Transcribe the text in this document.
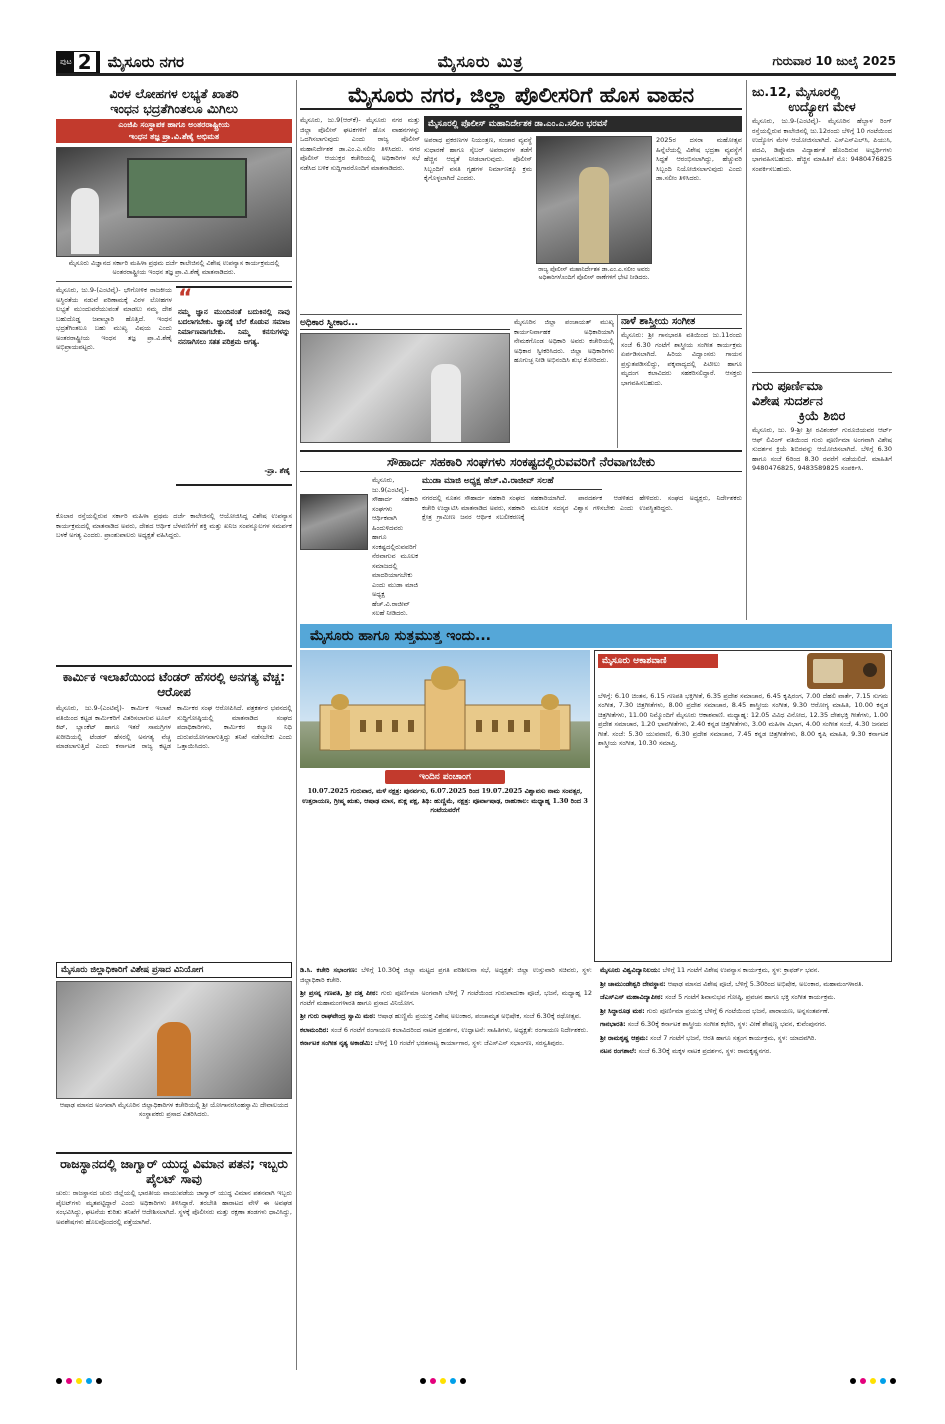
ಪುಟ 2 ಮೈಸೂರು ನಗರ	ಮೈಸೂರು ಮಿತ್ರ	ಗುರುವಾರ 10 ಜುಲೈ 2025
ವಿರಳ ಲೋಹಗಳ ಲಭ್ಯತೆ ಖಾತರಿ
ಇಂಧನ ಭದ್ರತೆಗಿಂತಲೂ ಮಿಗಿಲು
ಎಂಜಿಪಿ ಸಂಸ್ಥಾಪಕ ಹಾಗೂ ಅಂತರರಾಷ್ಟ್ರೀಯ
ಇಂಧನ ತಜ್ಞ ಪ್ರಾ.ವಿ.ಶೆಣೈ ಅಭಿಮತ
ಮೈಸೂರು ವಿಜ್ಞಾನದ ಸರ್ಕಾರಿ ಮಹಿಳಾ ಪ್ರಥಮ ದರ್ಜೆ ಕಾಲೇಜಿನಲ್ಲಿ ವಿಶೇಷ ಉಪನ್ಯಾಸ ಕಾರ್ಯಕ್ರಮದಲ್ಲಿ ಅಂತರರಾಷ್ಟ್ರೀಯ ಇಂಧನ ತಜ್ಞ ಪ್ರಾ.ವಿ.ಶೆಣೈ ಮಾತನಾಡಿದರು.
ಮೈಸೂರು, ಜು.9-(ಎಂಟಿವೈ)- ಭೌಗೋಳಿಕ ರಾಜಕೀಯ ಅಸ್ಥಿರತೆಯ ನಡುವೆ ಪರಿಣಾಮಕ್ಕೆ ವಿರಳ ಲೋಹಗಳ ಲಭ್ಯತೆ ಮುಂದುವರೆಯುವಂತೆ ಮಾಡಲು ನಮ್ಮ ದೇಶ ಬಹುದೊಡ್ಡ ಜವಾಬ್ದಾರಿ ಹೊತ್ತಿದೆ. ಇಂಧನ ಭದ್ರತೆಗಿಂತಲೂ ಬಹು ಮುಖ್ಯ ವಿಷಯ ಎಂದು ಅಂತರರಾಷ್ಟ್ರೀಯ ಇಂಧನ ತಜ್ಞ ಪ್ರಾ.ವಿ.ಶೆಣೈ ಅಭಿಪ್ರಾಯಪಟ್ಟರು.
“
ನಮ್ಮ ಜ್ಞಾನ ಮುಂದಿನಂತೆ ಬದುಕಿನಲ್ಲಿ ನಾವು ಬದಲಾಗಬೇಕು. ಜ್ಞಾನಕ್ಕೆ ಬೆಲೆ ಕೊಡುವ ಸಮಾಜ ನಿರ್ಮಾಣವಾಗಬೇಕು. ನಿಮ್ಮ ಕನಸುಗಳನ್ನು ನನಸಾಗಿಸಲು ಸತತ ಪರಿಶ್ರಮ ಅಗತ್ಯ.
-ಪ್ರಾ. ಶೆಣೈ
ಕೊಲಾರ ರಸ್ತೆಯಲ್ಲಿರುವ ಸರ್ಕಾರಿ ಮಹಿಳಾ ಪ್ರಥಮ ದರ್ಜೆ ಕಾಲೇಜಿನಲ್ಲಿ ಆಯೋಜಿಸಿದ್ದ ವಿಶೇಷ ಉಪನ್ಯಾಸ ಕಾರ್ಯಕ್ರಮದಲ್ಲಿ ಮಾತನಾಡಿದ ಅವರು, ದೇಶದ ಆರ್ಥಿಕ ಬೆಳವಣಿಗೆಗೆ ಶಕ್ತಿ ಮತ್ತು ಖನಿಜ ಸಂಪನ್ಮೂಲಗಳ ಸಮರ್ಪಕ ಬಳಕೆ ಅಗತ್ಯ ಎಂದರು. ಪ್ರಾಂಶುಪಾಲರು ಅಧ್ಯಕ್ಷತೆ ವಹಿಸಿದ್ದರು.
ಕಾರ್ಮಿಕ ಇಲಾಖೆಯಿಂದ ಟೆಂಡರ್ ಹೆಸರಲ್ಲಿ ಅನಗತ್ಯ ವೆಚ್ಚ: ಆರೋಪ
ಮೈಸೂರು, ಜು.9-(ಎಂಟಿವೈ)- ಕಾರ್ಮಿಕ ಇಲಾಖೆ ವತಿಯಿಂದ ಕಟ್ಟಡ ಕಾರ್ಮಿಕರಿಗೆ ವಿತರಿಸಲಾಗುವ ಟೂಲ್ ಕಿಟ್, ಬ್ಲಾಂಕೆಟ್ ಹಾಗೂ ಇತರೆ ಸಾಮಗ್ರಿಗಳ ಖರೀದಿಯಲ್ಲಿ ಟೆಂಡರ್ ಹೆಸರಲ್ಲಿ ಅನಗತ್ಯ ವೆಚ್ಚ ಮಾಡಲಾಗುತ್ತಿದೆ ಎಂದು ಕರ್ನಾಟಕ ರಾಜ್ಯ ಕಟ್ಟಡ ಕಾರ್ಮಿಕರ ಸಂಘ ಆರೋಪಿಸಿದೆ. ಪತ್ರಕರ್ತರ ಭವನದಲ್ಲಿ ಸುದ್ದಿಗೋಷ್ಠಿಯಲ್ಲಿ ಮಾತನಾಡಿದ ಸಂಘದ ಪದಾಧಿಕಾರಿಗಳು, ಕಾರ್ಮಿಕರ ಕಲ್ಯಾಣ ನಿಧಿ ದುರುಪಯೋಗವಾಗುತ್ತಿದ್ದು ತನಿಖೆ ನಡೆಸಬೇಕು ಎಂದು ಒತ್ತಾಯಿಸಿದರು.
ಮೈಸೂರು ಜಿಲ್ಲಾಧಿಕಾರಿಗೆ ವಿಶೇಷ ಪ್ರಸಾದ ವಿನಿಯೋಗ
ಆಷಾಢ ಮಾಸದ ಅಂಗವಾಗಿ ಮೈಸೂರಿನ ಜಿಲ್ಲಾಧಿಕಾರಿಗಳ ಕಚೇರಿಯಲ್ಲಿ ಶ್ರೀ ಯೋಗಾನರಸಿಂಹಸ್ವಾಮಿ ದೇವಾಲಯದ ಸಂಸ್ಥಾಪಕರು ಪ್ರಸಾದ ವಿತರಿಸಿದರು.
ರಾಜಸ್ಥಾನದಲ್ಲಿ ಜಾಗ್ವಾರ್ ಯುದ್ಧ ವಿಮಾನ ಪತನ; ಇಬ್ಬರು ಪೈಲಟ್ ಸಾವು
ಚುರು: ರಾಜಸ್ಥಾನದ ಚುರು ಜಿಲ್ಲೆಯಲ್ಲಿ ಭಾರತೀಯ ವಾಯುಪಡೆಯ ಜಾಗ್ವಾರ್ ಯುದ್ಧ ವಿಮಾನ ಪತನವಾಗಿ ಇಬ್ಬರು ಪೈಲಟ್‌ಗಳು ಮೃತಪಟ್ಟಿದ್ದಾರೆ ಎಂದು ಅಧಿಕಾರಿಗಳು ತಿಳಿಸಿದ್ದಾರೆ. ತರಬೇತಿ ಹಾರಾಟದ ವೇಳೆ ಈ ಅವಘಡ ಸಂಭವಿಸಿದ್ದು, ಘಟನೆಯ ಕುರಿತು ತನಿಖೆಗೆ ಆದೇಶಿಸಲಾಗಿದೆ. ಸ್ಥಳಕ್ಕೆ ಪೊಲೀಸರು ಮತ್ತು ರಕ್ಷಣಾ ತಂಡಗಳು ಧಾವಿಸಿದ್ದು, ಅವಶೇಷಗಳು ಹೊಲವೊಂದರಲ್ಲಿ ಪತ್ತೆಯಾಗಿವೆ.
ಮೈಸೂರು ನಗರ, ಜಿಲ್ಲಾ ಪೊಲೀಸರಿಗೆ ಹೊಸ ವಾಹನ
ಮೈಸೂರು, ಜು.9(ಆರ್‌ಕೆ)- ಮೈಸೂರು ನಗರ ಮತ್ತು ಜಿಲ್ಲಾ ಪೊಲೀಸ್ ಘಟಕಗಳಿಗೆ ಹೊಸ ವಾಹನಗಳನ್ನು ಒದಗಿಸಲಾಗುವುದು ಎಂದು ರಾಜ್ಯ ಪೊಲೀಸ್ ಮಹಾನಿರ್ದೇಶಕ ಡಾ.ಎಂ.ಎ.ಸಲೀಂ ತಿಳಿಸಿದರು. ನಗರ ಪೊಲೀಸ್ ಆಯುಕ್ತರ ಕಚೇರಿಯಲ್ಲಿ ಅಧಿಕಾರಿಗಳ ಸಭೆ ನಡೆಸಿದ ಬಳಿಕ ಸುದ್ದಿಗಾರರೊಂದಿಗೆ ಮಾತನಾಡಿದರು.
ಮೈಸೂರಲ್ಲಿ ಪೊಲೀಸ್ ಮಹಾನಿರ್ದೇಶಕ ಡಾ.ಎಂ.ಎ.ಸಲೀಂ ಭರವಸೆ
ಅಪರಾಧ ಪ್ರಕರಣಗಳ ನಿಯಂತ್ರಣ, ಸಂಚಾರ ವ್ಯವಸ್ಥೆ ಸುಧಾರಣೆ ಹಾಗೂ ಸೈಬರ್ ಅಪರಾಧಗಳ ತಡೆಗೆ ಹೆಚ್ಚಿನ ಆದ್ಯತೆ ನೀಡಲಾಗುವುದು. ಪೊಲೀಸ್ ಸಿಬ್ಬಂದಿಗೆ ವಸತಿ ಗೃಹಗಳ ನಿರ್ಮಾಣಕ್ಕೂ ಕ್ರಮ ಕೈಗೊಳ್ಳಲಾಗಿದೆ ಎಂದರು.
ರಾಜ್ಯ ಪೊಲೀಸ್ ಮಹಾನಿರ್ದೇಶಕ ಡಾ.ಎಂ.ಎ.ಸಲೀಂ ಅವರು ಅಧಿಕಾರಿಗಳೊಂದಿಗೆ ಪೊಲೀಸ್ ಠಾಣೆಗಳಿಗೆ ಭೇಟಿ ನೀಡಿದರು.
2025ರ ದಸರಾ ಮಹೋತ್ಸವ ಹಿನ್ನೆಲೆಯಲ್ಲಿ ವಿಶೇಷ ಭದ್ರತಾ ವ್ಯವಸ್ಥೆಗೆ ಸಿದ್ಧತೆ ಆರಂಭಿಸಲಾಗಿದ್ದು, ಹೆಚ್ಚುವರಿ ಸಿಬ್ಬಂದಿ ನಿಯೋಜಿಸಲಾಗುವುದು ಎಂದು ಡಾ.ಸಲೀಂ ತಿಳಿಸಿದರು.
ಜು.12, ಮೈಸೂರಲ್ಲಿ
ಉದ್ಯೋಗ ಮೇಳ
ಮೈಸೂರು, ಜು.9-(ಎಂಟಿವೈ)- ಮೈಸೂರಿನ ಹೆಬ್ಬಾಳ ರಿಂಗ್ ರಸ್ತೆಯಲ್ಲಿರುವ ಕಾಲೇಜಿನಲ್ಲಿ ಜು.12ರಂದು ಬೆಳಿಗ್ಗೆ 10 ಗಂಟೆಯಿಂದ ಉದ್ಯೋಗ ಮೇಳ ಆಯೋಜಿಸಲಾಗಿದೆ. ಎಸ್‌ಎಸ್‌ಎಲ್‌ಸಿ, ಪಿಯುಸಿ, ಪದವಿ, ಡಿಪ್ಲೊಮಾ ವಿದ್ಯಾರ್ಹತೆ ಹೊಂದಿರುವ ಅಭ್ಯರ್ಥಿಗಳು ಭಾಗವಹಿಸಬಹುದು. ಹೆಚ್ಚಿನ ಮಾಹಿತಿಗೆ ಮೊ: 9480476825 ಸಂಪರ್ಕಿಸಬಹುದು.
ಗುರು ಪೂರ್ಣಿಮಾ
ವಿಶೇಷ ಸುದರ್ಶನ
ಕ್ರಿಯೆ ಶಿಬಿರ
ಮೈಸೂರು, ಜು. 9-ಶ್ರೀ ಶ್ರೀ ರವಿಶಂಕರ್ ಗುರೂಜಿಯವರ ಆರ್ಟ್ ಆಫ್ ಲಿವಿಂಗ್ ವತಿಯಿಂದ ಗುರು ಪೂರ್ಣಿಮಾ ಅಂಗವಾಗಿ ವಿಶೇಷ ಸುದರ್ಶನ ಕ್ರಿಯೆ ಶಿಬಿರವನ್ನು ಆಯೋಜಿಸಲಾಗಿದೆ. ಬೆಳಿಗ್ಗೆ 6.30 ಹಾಗೂ ಸಂಜೆ 6ರಿಂದ 8.30 ರವರೆಗೆ ನಡೆಯಲಿದೆ. ಮಾಹಿತಿಗೆ 9480476825, 9483589825 ಸಂಪರ್ಕಿಸಿ.
ಅಧಿಕಾರ ಸ್ವೀಕಾರ...	ಮೈಸೂರಿನ ಜಿಲ್ಲಾ ಪಂಚಾಯತ್ ಮುಖ್ಯ ಕಾರ್ಯನಿರ್ವಾಹಕ ಅಧಿಕಾರಿಯಾಗಿ ನೇಮಕಗೊಂಡ ಅಧಿಕಾರಿ ಅವರು ಕಚೇರಿಯಲ್ಲಿ ಅಧಿಕಾರ ಸ್ವೀಕರಿಸಿದರು. ಜಿಲ್ಲಾ ಅಧಿಕಾರಿಗಳು ಹೂಗುಚ್ಛ ನೀಡಿ ಅಭಿನಂದಿಸಿ ಶುಭ ಕೋರಿದರು.
ನಾಳೆ ಶಾಸ್ತ್ರೀಯ ಸಂಗೀತ
ಮೈಸೂರು: ಶ್ರೀ ಗಾನಭಾರತಿ ವತಿಯಿಂದ ಜು.11ರಂದು ಸಂಜೆ 6.30 ಗಂಟೆಗೆ ಶಾಸ್ತ್ರೀಯ ಸಂಗೀತ ಕಾರ್ಯಕ್ರಮ ಏರ್ಪಡಿಸಲಾಗಿದೆ. ಹಿರಿಯ ವಿದ್ವಾಂಸರು ಗಾಯನ ಪ್ರಸ್ತುತಪಡಿಸಲಿದ್ದು, ಪಕ್ಕವಾದ್ಯದಲ್ಲಿ ಪಿಟೀಲು ಹಾಗೂ ಮೃದಂಗ ಕಲಾವಿದರು ಸಹಕರಿಸಲಿದ್ದಾರೆ. ಆಸಕ್ತರು ಭಾಗವಹಿಸಬಹುದು.
ಸೌಹಾರ್ದ ಸಹಕಾರಿ ಸಂಘಗಳು ಸಂಕಷ್ಟದಲ್ಲಿರುವವರಿಗೆ ನೆರವಾಗಬೇಕು
ಮೈಸೂರು, ಜು.9(ಎಂಟಿವೈ)- ಸೌಹಾರ್ದ ಸಹಕಾರಿ ಸಂಘಗಳು ಆರ್ಥಿಕವಾಗಿ ಹಿಂದುಳಿದವರು ಹಾಗೂ ಸಂಕಷ್ಟದಲ್ಲಿರುವವರಿಗೆ ನೆರವಾಗುವ ಮೂಲಕ ಸಮಾಜದಲ್ಲಿ ಮಾದರಿಯಾಗಬೇಕು ಎಂದು ಮುಡಾ ಮಾಜಿ ಅಧ್ಯಕ್ಷ ಹೆಚ್.ವಿ.ರಾಜೀವ್ ಸಲಹೆ ನೀಡಿದರು.
ಮುಡಾ ಮಾಜಿ ಅಧ್ಯಕ್ಷ ಹೆಚ್.ವಿ.ರಾಜೀವ್ ಸಲಹೆ
ನಗರದಲ್ಲಿ ನೂತನ ಸೌಹಾರ್ದ ಸಹಕಾರಿ ಸಂಘದ ಕಚೇರಿ ಉದ್ಘಾಟಿಸಿ ಮಾತನಾಡಿದ ಅವರು, ಸಹಕಾರಿ ಕ್ಷೇತ್ರ ಗ್ರಾಮೀಣ ಜನರ ಆರ್ಥಿಕ ಸಬಲೀಕರಣಕ್ಕೆ ಸಹಕಾರಿಯಾಗಿದೆ. ಪಾರದರ್ಶಕ ಆಡಳಿತದ ಮೂಲಕ ಸದಸ್ಯರ ವಿಶ್ವಾಸ ಗಳಿಸಬೇಕು ಎಂದು ಹೇಳಿದರು. ಸಂಘದ ಅಧ್ಯಕ್ಷರು, ನಿರ್ದೇಶಕರು ಉಪಸ್ಥಿತರಿದ್ದರು.
ಮೈಸೂರು ಹಾಗೂ ಸುತ್ತಮುತ್ತ ಇಂದು...
ಇಂದಿನ ಪಂಚಾಂಗ
10.07.2025 ಗುರುವಾರ, ಮಳೆ ನಕ್ಷತ್ರ: ಪುನರ್ವಸು, 6.07.2025 ರಿಂದ 19.07.2025 ವಿಶ್ವಾವಸು ನಾಮ ಸಂವತ್ಸರ, ಉತ್ತರಾಯಣ, ಗ್ರೀಷ್ಮ ಋತು, ಆಷಾಢ ಮಾಸ, ಶುಕ್ಲ ಪಕ್ಷ, ತಿಥಿ: ಹುಣ್ಣಿಮೆ, ನಕ್ಷತ್ರ: ಪೂರ್ವಾಷಾಢ, ರಾಹುಕಾಲ: ಮಧ್ಯಾಹ್ನ 1.30 ರಿಂದ 3 ಗಂಟೆಯವರೆಗೆ
ಮೈಸೂರು ಆಕಾಶವಾಣಿ
ಬೆಳಿಗ್ಗೆ: 6.10 ಚಿಂತನ, 6.15 ಗಣಪತಿ ಭಕ್ತಿಗೀತೆ, 6.35 ಪ್ರದೇಶ ಸಮಾಚಾರ, 6.45 ಕೃಷಿರಂಗ, 7.00 ದೆಹಲಿ ವಾರ್ತೆ, 7.15 ಸುಗಮ ಸಂಗೀತ, 7.30 ಚಿತ್ರಗೀತೆಗಳು, 8.00 ಪ್ರದೇಶ ಸಮಾಚಾರ, 8.45 ಶಾಸ್ತ್ರೀಯ ಸಂಗೀತ, 9.30 ಆರೋಗ್ಯ ಮಾಹಿತಿ, 10.00 ಕನ್ನಡ ಚಿತ್ರಗೀತೆಗಳು, 11.00 ನಿಮ್ಮೊಂದಿಗೆ ಮೈಸೂರು ಆಕಾಶವಾಣಿ. ಮಧ್ಯಾಹ್ನ: 12.05 ವಿವಿಧ ವಿನೋದ, 12.35 ದೇಶಭಕ್ತಿ ಗೀತೆಗಳು, 1.00 ಪ್ರದೇಶ ಸಮಾಚಾರ, 1.20 ಭಾವಗೀತೆಗಳು, 2.40 ಕನ್ನಡ ಚಿತ್ರಗೀತೆಗಳು, 3.00 ಮಹಿಳಾ ವಿಭಾಗ, 4.00 ಸಂಗೀತ ಸಂಜೆ, 4.30 ಜನಪದ ಗೀತೆ. ಸಂಜೆ: 5.30 ಯುವವಾಣಿ, 6.30 ಪ್ರದೇಶ ಸಮಾಚಾರ, 7.45 ಕನ್ನಡ ಚಿತ್ರಗೀತೆಗಳು, 8.00 ಕೃಷಿ ಮಾಹಿತಿ, 9.30 ಕರ್ನಾಟಕ ಶಾಸ್ತ್ರೀಯ ಸಂಗೀತ, 10.30 ಸಮಾಪ್ತಿ.
ಡಿ.ಸಿ. ಕಚೇರಿ ಸಭಾಂಗಣ: ಬೆಳಿಗ್ಗೆ 10.30ಕ್ಕೆ ಜಿಲ್ಲಾ ಮಟ್ಟದ ಪ್ರಗತಿ ಪರಿಶೀಲನಾ ಸಭೆ, ಅಧ್ಯಕ್ಷತೆ: ಜಿಲ್ಲಾ ಉಸ್ತುವಾರಿ ಸಚಿವರು, ಸ್ಥಳ: ಜಿಲ್ಲಾಧಿಕಾರಿ ಕಚೇರಿ.
ಶ್ರೀ ಪ್ರಸನ್ನ ಗಣಪತಿ, ಶ್ರೀ ದತ್ತ ಪೀಠ: ಗುರು ಪೂರ್ಣಿಮಾ ಅಂಗವಾಗಿ ಬೆಳಿಗ್ಗೆ 7 ಗಂಟೆಯಿಂದ ಗುರುಪಾದುಕಾ ಪೂಜೆ, ಭಜನೆ, ಮಧ್ಯಾಹ್ನ 12 ಗಂಟೆಗೆ ಮಹಾಮಂಗಳಾರತಿ ಹಾಗೂ ಪ್ರಸಾದ ವಿನಿಯೋಗ.
ಶ್ರೀ ಗುರು ರಾಘವೇಂದ್ರ ಸ್ವಾಮಿ ಮಠ: ಆಷಾಢ ಹುಣ್ಣಿಮೆ ಪ್ರಯುಕ್ತ ವಿಶೇಷ ಅಲಂಕಾರ, ಪಂಚಾಮೃತ ಅಭಿಷೇಕ, ಸಂಜೆ 6.30ಕ್ಕೆ ರಥೋತ್ಸವ.
ಕಲಾಮಂದಿರ: ಸಂಜೆ 6 ಗಂಟೆಗೆ ರಂಗಾಯಣ ಕಲಾವಿದರಿಂದ ನಾಟಕ ಪ್ರದರ್ಶನ, ಉದ್ಘಾಟನೆ: ಸಾಹಿತಿಗಳು, ಅಧ್ಯಕ್ಷತೆ: ರಂಗಾಯಣ ನಿರ್ದೇಶಕರು.
ಕರ್ನಾಟಕ ಸಂಗೀತ ನೃತ್ಯ ಅಕಾಡೆಮಿ: ಬೆಳಿಗ್ಗೆ 10 ಗಂಟೆಗೆ ಭರತನಾಟ್ಯ ಕಾರ್ಯಾಗಾರ, ಸ್ಥಳ: ಜೆಎಸ್‌ಎಸ್ ಸಭಾಂಗಣ, ಸರಸ್ವತಿಪುರಂ.
ಮೈಸೂರು ವಿಶ್ವವಿದ್ಯಾನಿಲಯ: ಬೆಳಿಗ್ಗೆ 11 ಗಂಟೆಗೆ ವಿಶೇಷ ಉಪನ್ಯಾಸ ಕಾರ್ಯಕ್ರಮ, ಸ್ಥಳ: ಕ್ರಾಫರ್ಡ್ ಭವನ.
ಶ್ರೀ ಚಾಮುಂಡೇಶ್ವರಿ ದೇವಸ್ಥಾನ: ಆಷಾಢ ಮಾಸದ ವಿಶೇಷ ಪೂಜೆ, ಬೆಳಿಗ್ಗೆ 5.30ರಿಂದ ಅಭಿಷೇಕ, ಅಲಂಕಾರ, ಮಹಾಮಂಗಳಾರತಿ.
ಜೆಎಸ್‌ಎಸ್ ಮಹಾವಿದ್ಯಾಪೀಠ: ಸಂಜೆ 5 ಗಂಟೆಗೆ ಶಿವಾನುಭವ ಗೋಷ್ಠಿ, ಪ್ರವಚನ ಹಾಗೂ ಭಕ್ತಿ ಸಂಗೀತ ಕಾರ್ಯಕ್ರಮ.
ಶ್ರೀ ಸಿದ್ಧಾರೂಢ ಮಠ: ಗುರು ಪೂರ್ಣಿಮಾ ಪ್ರಯುಕ್ತ ಬೆಳಿಗ್ಗೆ 6 ಗಂಟೆಯಿಂದ ಭಜನೆ, ಪಾರಾಯಣ, ಅನ್ನಸಂತರ್ಪಣೆ.
ಗಾನಭಾರತಿ: ಸಂಜೆ 6.30ಕ್ಕೆ ಕರ್ನಾಟಕ ಶಾಸ್ತ್ರೀಯ ಸಂಗೀತ ಕಛೇರಿ, ಸ್ಥಳ: ವೀಣೆ ಶೇಷಣ್ಣ ಭವನ, ಕುವೆಂಪುನಗರ.
ಶ್ರೀ ರಾಮಕೃಷ್ಣ ಆಶ್ರಮ: ಸಂಜೆ 7 ಗಂಟೆಗೆ ಭಜನೆ, ಆರತಿ ಹಾಗೂ ಸತ್ಸಂಗ ಕಾರ್ಯಕ್ರಮ, ಸ್ಥಳ: ಯಾದವಗಿರಿ.
ನಟನ ರಂಗಶಾಲೆ: ಸಂಜೆ 6.30ಕ್ಕೆ ಮಕ್ಕಳ ನಾಟಕ ಪ್ರದರ್ಶನ, ಸ್ಥಳ: ರಾಮಕೃಷ್ಣನಗರ.
